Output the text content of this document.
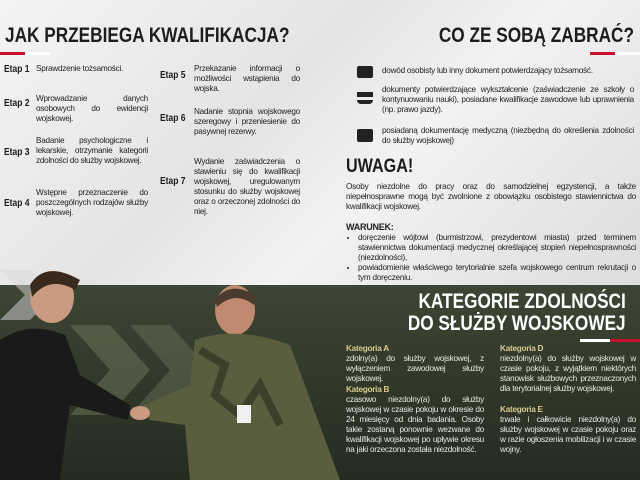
JAK PRZEBIEGA KWALIFIKACJA?	CO ZE SOBĄ ZABRAĆ?
Etap 1 Sprawdzenie tożsamości.
Etap 2 Wprowadzanie danych osobowych do ewidencji wojskowej.
Etap 3
Badanie psychologiczne i lekarskie, otrzymanie kategorii zdolności do służby wojskowej.
Etap 4
Wstępne przeznaczenie do poszczególnych rodzajów służby wojskowej.
Etap 5
Przekazanie informacji o możliwości wstąpienia do wojska.
Etap 6
Nadanie stopnia wojskowego szeregowy i przeniesienie do pasywnej rezerwy.
Etap 7
Wydanie zaświadczenia o stawieniu się do kwalifikacji wojskowej, uregulowanym stosunku do służby wojskowej oraz o orzeczonej zdolności do niej.
dowód osobisty lub inny dokument potwierdzający tożsamość.
dokumenty potwierdzające wykształcenie (zaświadczenie ze szkoły o kontynuowaniu nauki), posiadane kwalifikacje zawodowe lub uprawnienia (np. prawo jazdy).
posiadaną dokumentację medyczną (niezbędną do określenia zdolności do służby wojskowej)
UWAGA!
Osoby niezdolne do pracy oraz do samodzielnej egzystencji, a także niepełnosprawne mogą być zwolnione z obowiązku osobistego stawiennictwa do kwalifikacji wojskowej.
WARUNEK:
• doręczenie wójtowi (burmistrzowi, prezydentowi miasta) przed terminem stawiennictwa dokumentacji medycznej określającej stopień niepełnosprawności (niezdolności),
• powiadomienie właściwego terytorialnie szefa wojskowego centrum rekrutacji o tym doręczeniu.
KATEGORIE ZDOLNOŚCI
DO SŁUŻBY WOJSKOWEJ
Kategoria A
zdolny(a) do służby wojskowej, z wyłączeniem zawodowej służby wojskowej.
Kategoria B
czasowo niezdolny(a) do służby wojskowej w czasie pokoju w okresie do 24 miesięcy od dnia badania. Osoby takie zostaną ponownie wezwane do kwalifikacji wojskowej po upływie okresu na jaki orzeczona została niezdolność.
Kategoria D
niezdolny(a) do służby wojskowej w czasie pokoju, z wyjątkiem niektórych stanowisk służbowych przeznaczonych dla terytorialnej służby wojskowej.
Kategoria E
trwale i całkowicie niezdolny(a) do służby wojskowej w czasie pokoju oraz w razie ogłoszenia mobilizacji i w czasie wojny.
